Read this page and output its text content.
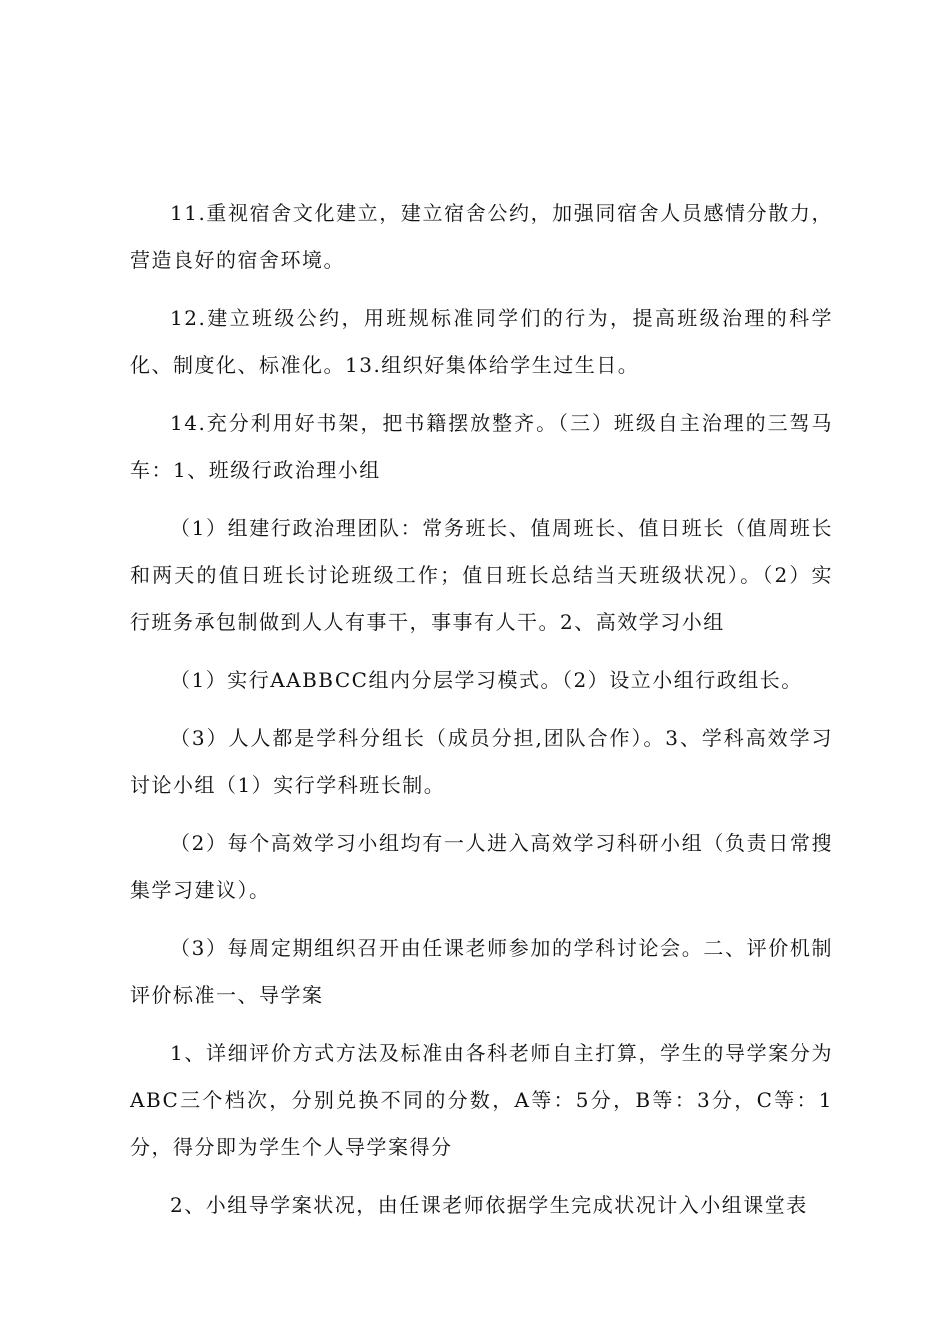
11.重视宿舍文化建立，建立宿舍公约，加强同宿舍人员感情分散力，营造良好的宿舍环境。

12.建立班级公约，用班规标准同学们的行为，提高班级治理的科学化、制度化、标准化。13.组织好集体给学生过生日。

14.充分利用好书架，把书籍摆放整齐。（三）班级自主治理的三驾马车：1、班级行政治理小组

（1）组建行政治理团队：常务班长、值周班长、值日班长（值周班长和两天的值日班长讨论班级工作；值日班长总结当天班级状况）。（2）实行班务承包制做到人人有事干，事事有人干。2、高效学习小组

（1）实行AABBCC组内分层学习模式。（2）设立小组行政组长。

（3）人人都是学科分组长（成员分担,团队合作）。3、学科高效学习讨论小组（1）实行学科班长制。

（2）每个高效学习小组均有一人进入高效学习科研小组（负责日常搜集学习建议）。

（3）每周定期组织召开由任课老师参加的学科讨论会。二、评价机制评价标准一、导学案

1、详细评价方式方法及标准由各科老师自主打算，学生的导学案分为ABC三个档次，分别兑换不同的分数，A等：5分，B等：3分，C等：1分，得分即为学生个人导学案得分

2、小组导学案状况，由任课老师依据学生完成状况计入小组课堂表
